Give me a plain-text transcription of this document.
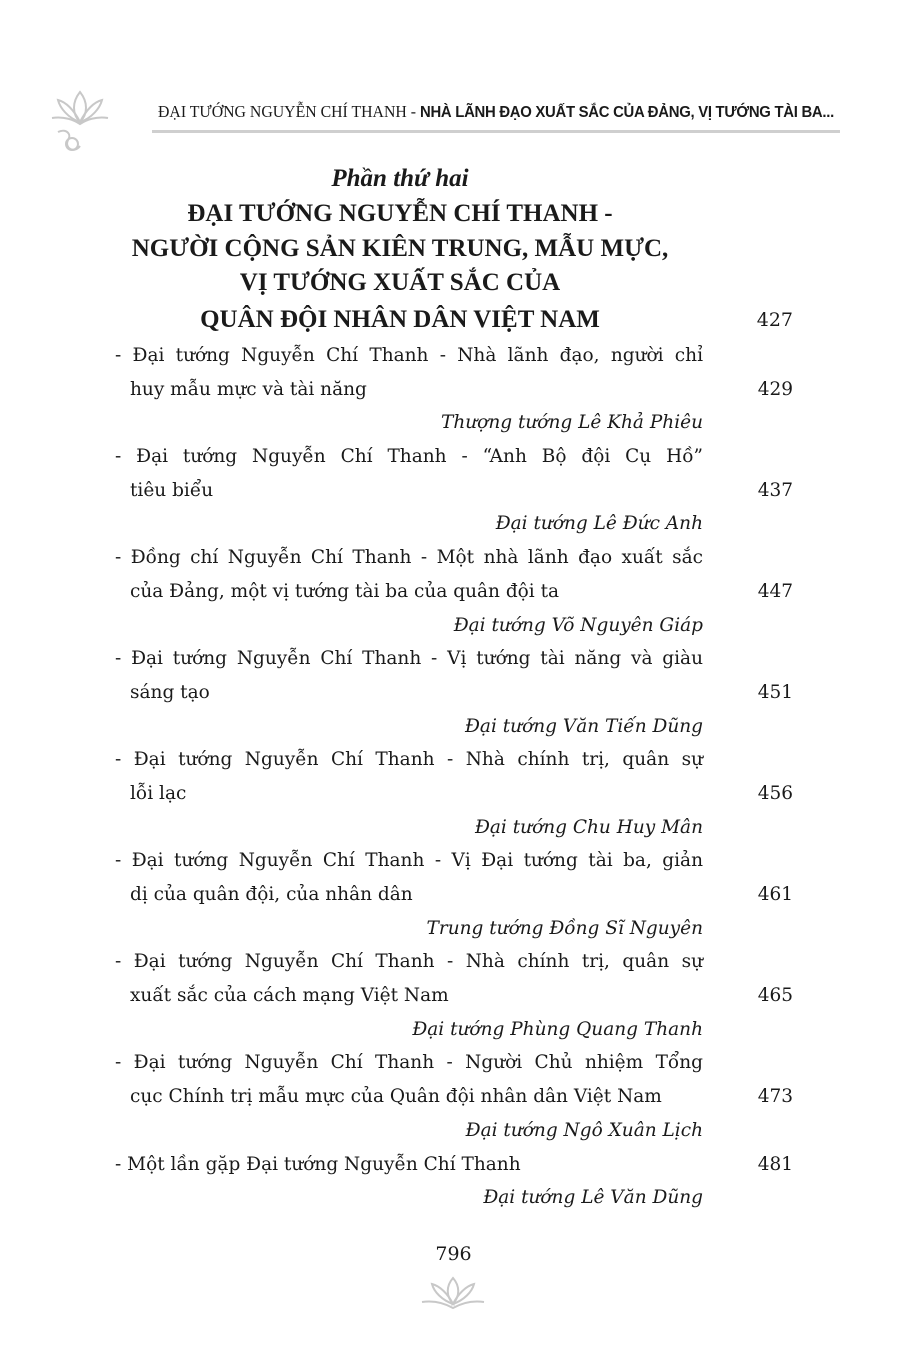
ĐẠI TƯỚNG NGUYỄN CHÍ THANH - NHÀ LÃNH ĐẠO XUẤT SẮC CỦA ĐẢNG, VỊ TƯỚNG TÀI BA...
Phần thứ hai
ĐẠI TƯỚNG NGUYỄN CHÍ THANH -
NGƯỜI CỘNG SẢN KIÊN TRUNG, MẪU MỰC,
VỊ TƯỚNG XUẤT SẮC CỦA
QUÂN ĐỘI NHÂN DÂN VIỆT NAM	427
- Đại tướng Nguyễn Chí Thanh - Nhà lãnh đạo, người chỉ
huy mẫu mực và tài năng	429
Thượng tướng Lê Khả Phiêu
- Đại tướng Nguyễn Chí Thanh - “Anh Bộ đội Cụ Hồ”
tiêu biểu	437
Đại tướng Lê Đức Anh
- Đồng chí Nguyễn Chí Thanh - Một nhà lãnh đạo xuất sắc
của Đảng, một vị tướng tài ba của quân đội ta	447
Đại tướng Võ Nguyên Giáp
- Đại tướng Nguyễn Chí Thanh - Vị tướng tài năng và giàu
sáng tạo	451
Đại tướng Văn Tiến Dũng
- Đại tướng Nguyễn Chí Thanh - Nhà chính trị, quân sự
lỗi lạc	456
Đại tướng Chu Huy Mân
- Đại tướng Nguyễn Chí Thanh - Vị Đại tướng tài ba, giản
dị của quân đội, của nhân dân	461
Trung tướng Đồng Sĩ Nguyên
- Đại tướng Nguyễn Chí Thanh - Nhà chính trị, quân sự
xuất sắc của cách mạng Việt Nam	465
Đại tướng Phùng Quang Thanh
- Đại tướng Nguyễn Chí Thanh - Người Chủ nhiệm Tổng
cục Chính trị mẫu mực của Quân đội nhân dân Việt Nam	473
Đại tướng Ngô Xuân Lịch
- Một lần gặp Đại tướng Nguyễn Chí Thanh	481
Đại tướng Lê Văn Dũng
796
